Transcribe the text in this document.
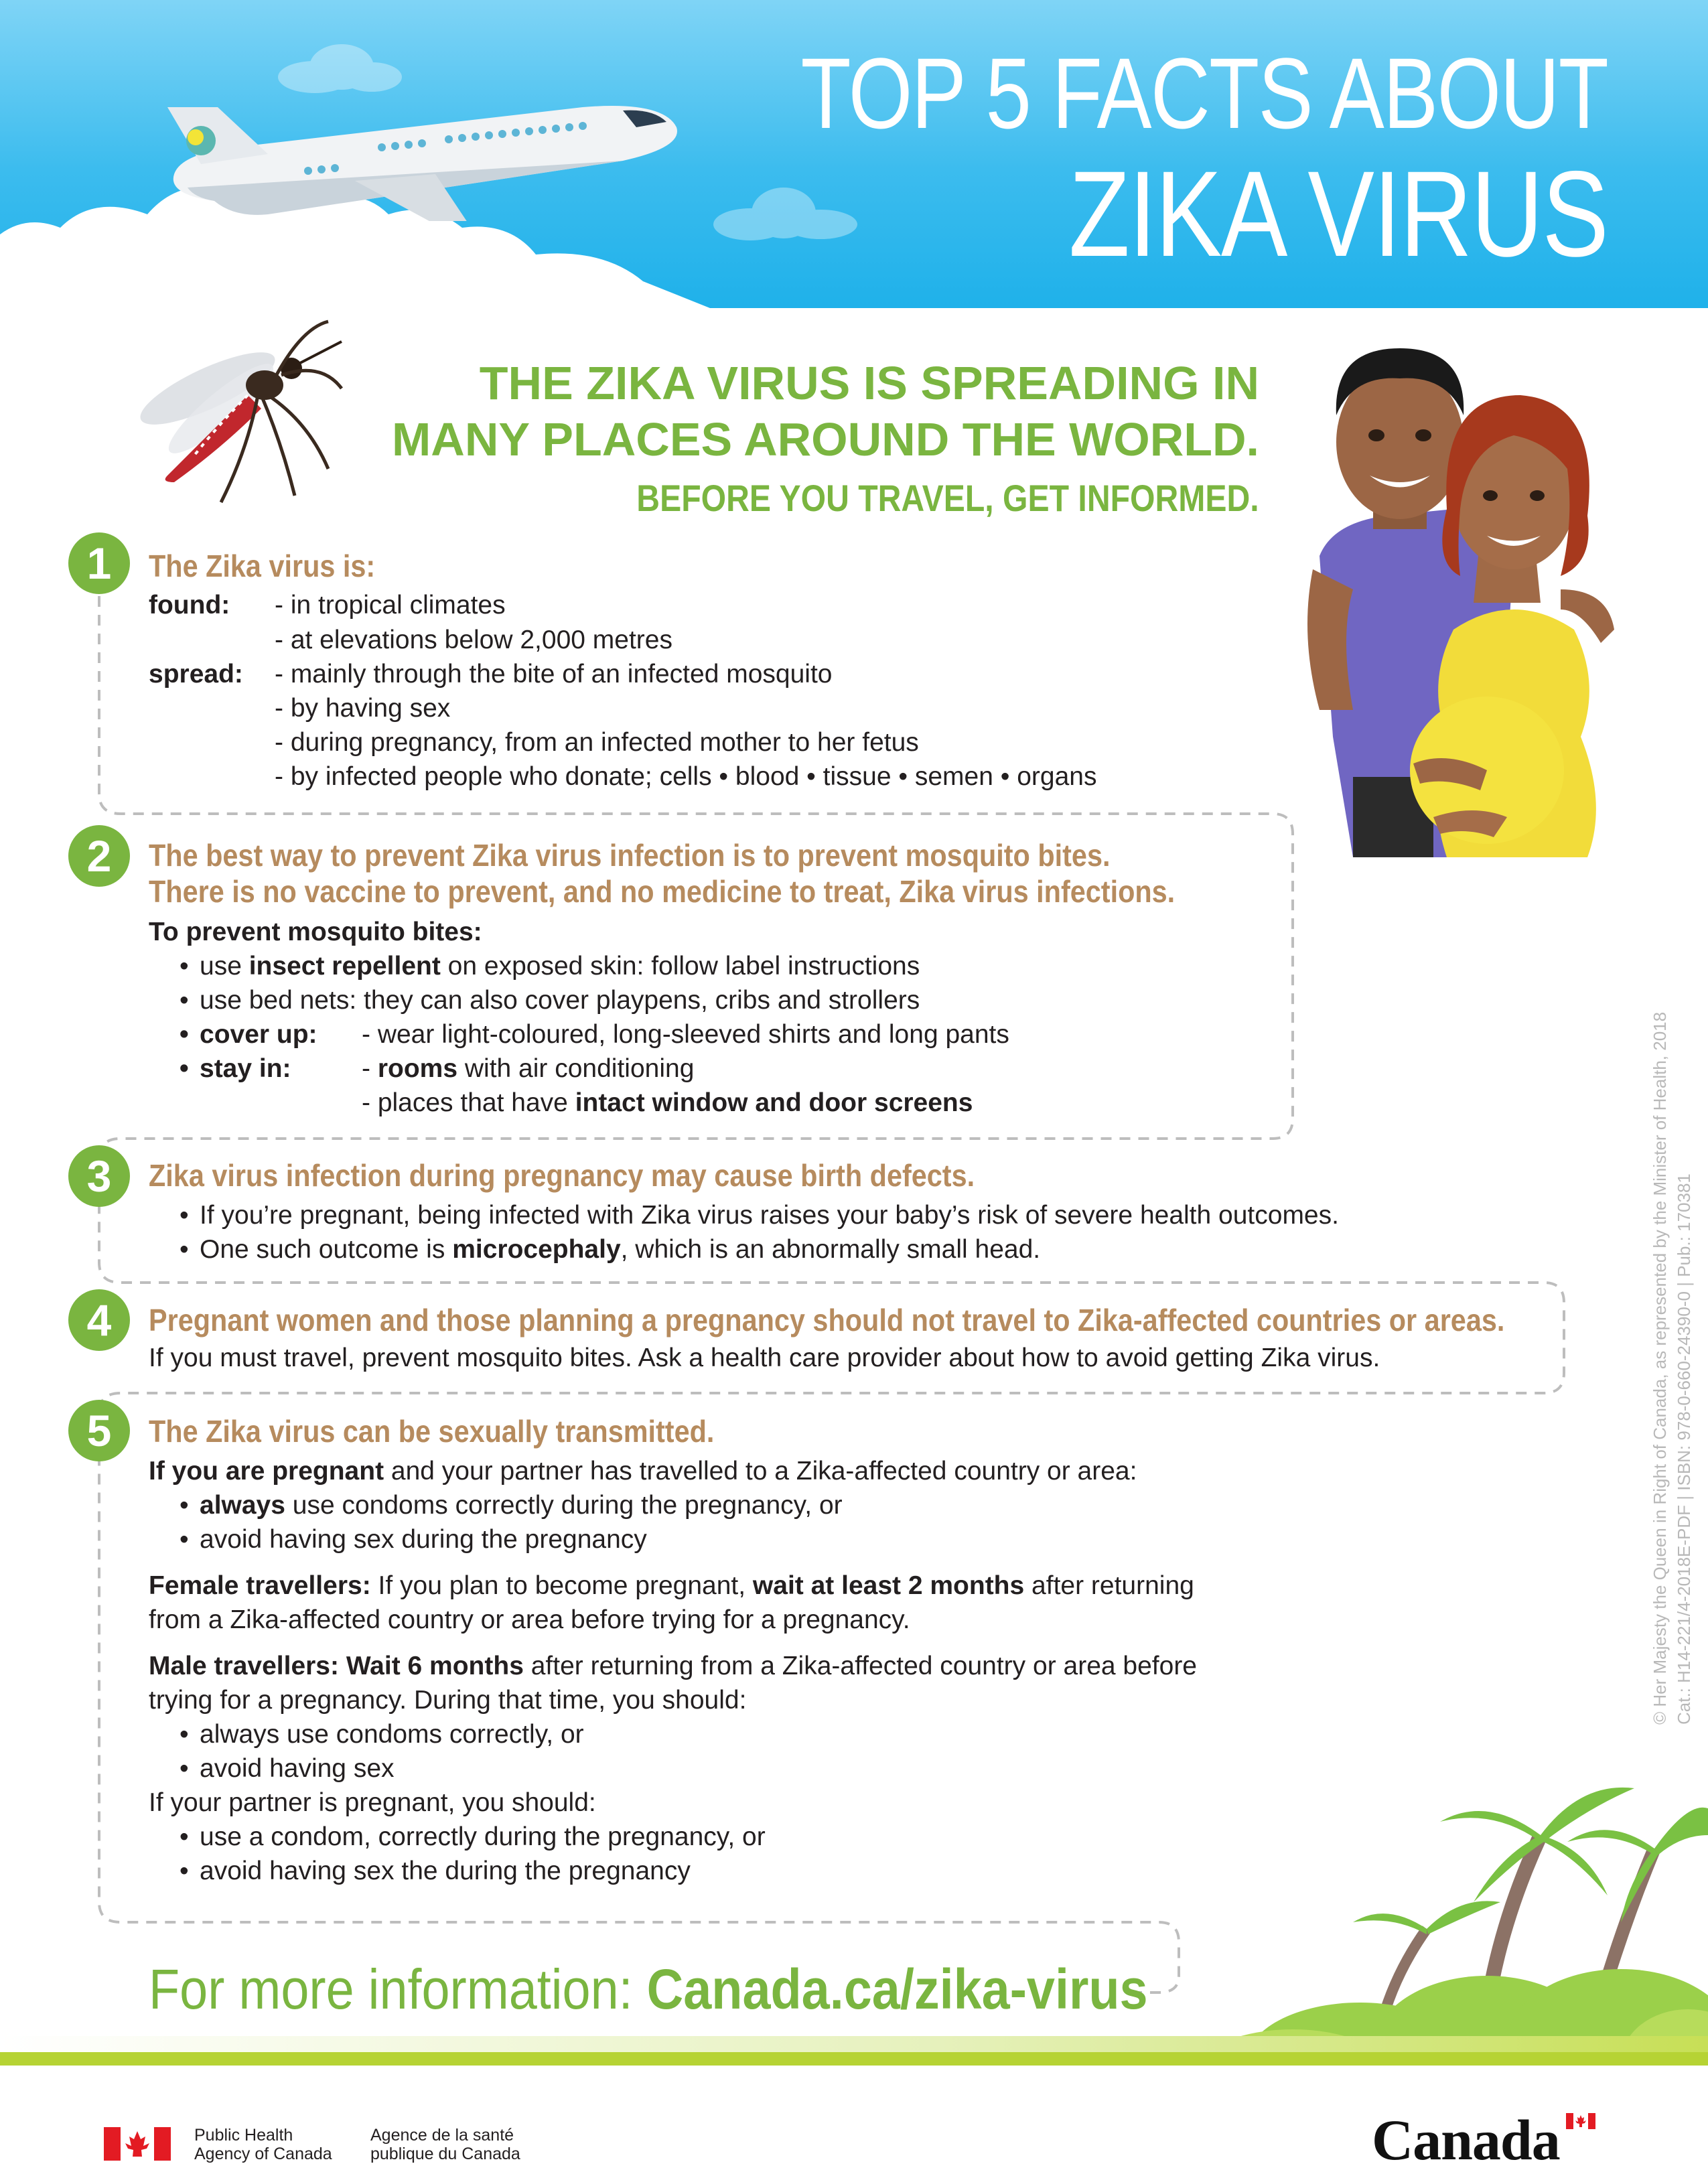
TOP 5 FACTS ABOUT
ZIKA VIRUS
THE ZIKA VIRUS IS SPREADING IN
MANY PLACES AROUND THE WORLD.
BEFORE YOU TRAVEL, GET INFORMED.
1	The Zika virus is:
found: - in tropical climates
- at elevations below 2,000 metres
spread: - mainly through the bite of an infected mosquito
- by having sex
- during pregnancy, from an infected mother to her fetus
- by infected people who donate; cells • blood • tissue • semen • organs
2	The best way to prevent Zika virus infection is to prevent mosquito bites.
There is no vaccine to prevent, and no medicine to treat, Zika virus infections.
To prevent mosquito bites:
• use insect repellent on exposed skin: follow label instructions
• use bed nets: they can also cover playpens, cribs and strollers
• cover up: - wear light-coloured, long-sleeved shirts and long pants
• stay in:	- rooms with air conditioning
- places that have intact window and door screens
3	Zika virus infection during pregnancy may cause birth defects.
• If you’re pregnant, being infected with Zika virus raises your baby’s risk of severe health outcomes.
• One such outcome is microcephaly, which is an abnormally small head.
4	Pregnant women and those planning a pregnancy should not travel to Zika-affected countries or areas.
If you must travel, prevent mosquito bites. Ask a health care provider about how to avoid getting Zika virus.
5	The Zika virus can be sexually transmitted.
If you are pregnant and your partner has travelled to a Zika-affected country or area:
• always use condoms correctly during the pregnancy, or
• avoid having sex during the pregnancy
Female travellers: If you plan to become pregnant, wait at least 2 months after returning
from a Zika-affected country or area before trying for a pregnancy.
Male travellers: Wait 6 months after returning from a Zika-affected country or area before
trying for a pregnancy. During that time, you should:
• always use condoms correctly, or
• avoid having sex
If your partner is pregnant, you should:
• use a condom, correctly during the pregnancy, or
• avoid having sex the during the pregnancy
For more information: Canada.ca/zika-virus
© Her Majesty the Queen in Right of Canada, as represented by the Minister of Health, 2018 Cat.: H14-221/4-2018E-PDF | ISBN: 978-0-660-24390-0 | Pub.: 170381
Public Health
Agency of Canada
Agence de la santé
publique du Canada	Canada
